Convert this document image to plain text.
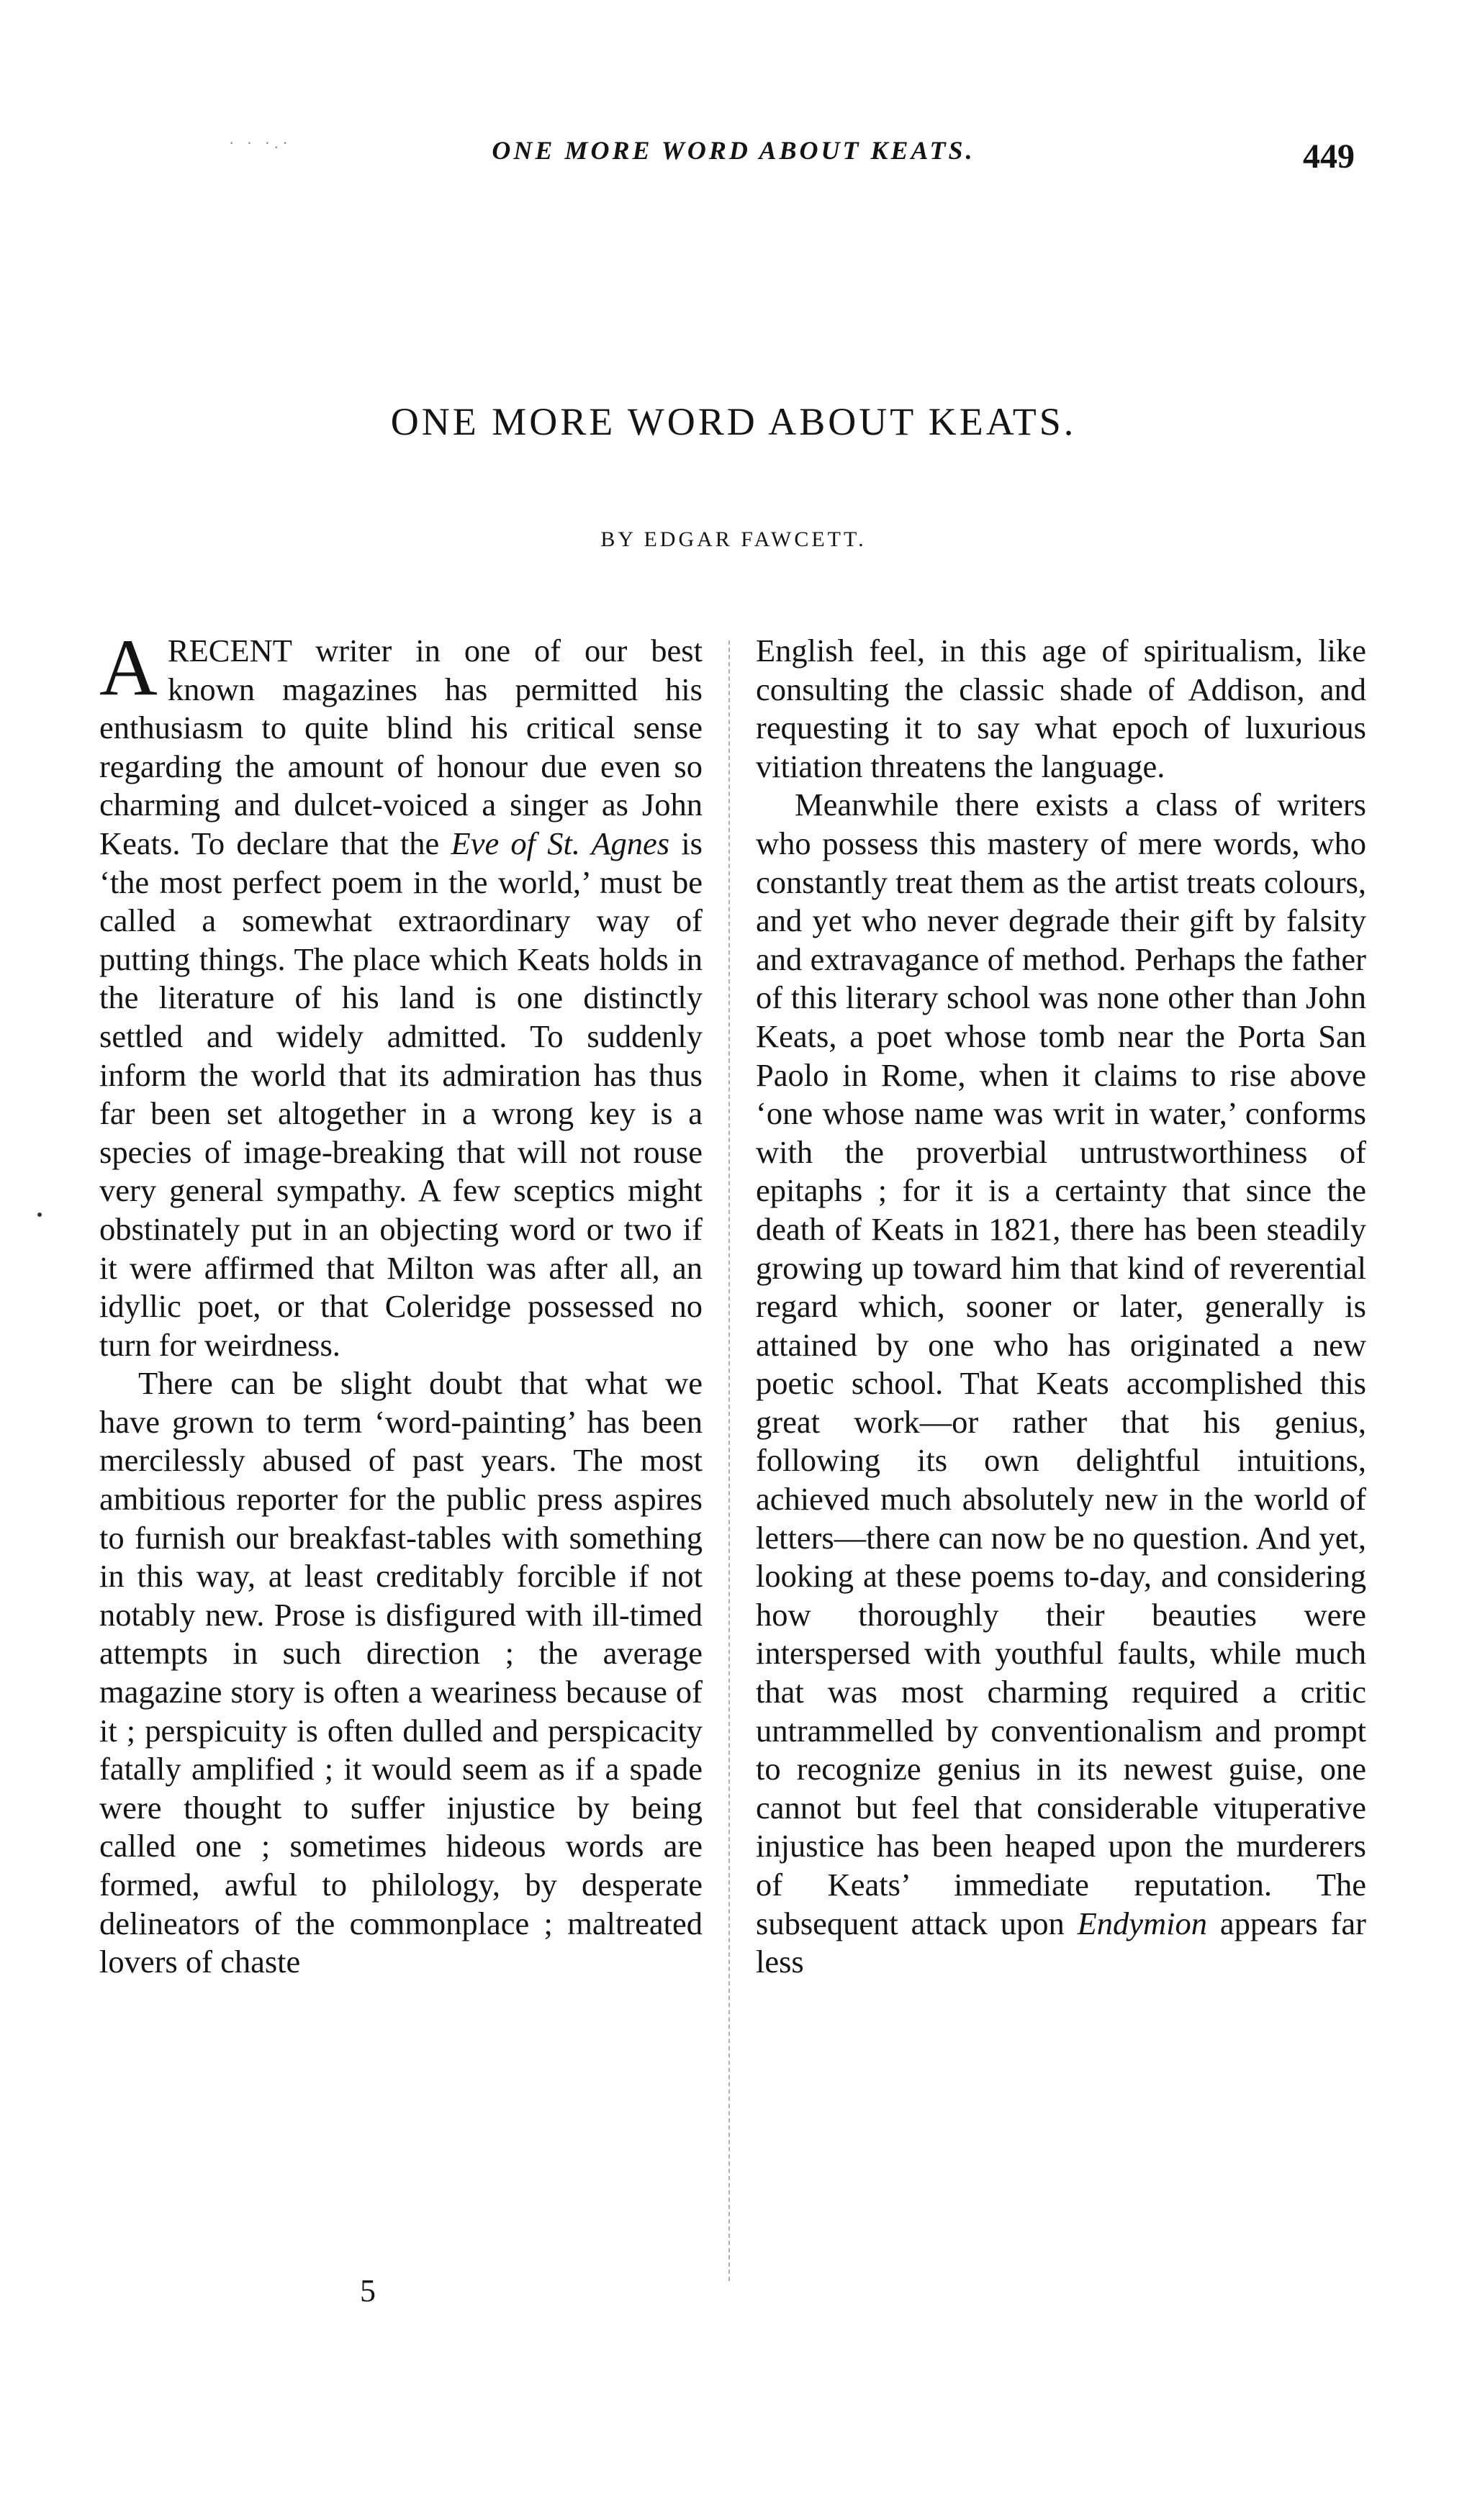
· · ·.·	ONE MORE WORD ABOUT KEATS.	449
ONE MORE WORD ABOUT KEATS.
BY EDGAR FAWCETT.

ARECENT writer in one of our best known magazines has permitted his enthusiasm to quite blind his critical sense regarding the amount of honour due even so charming and dulcet-voiced a singer as John Keats. To declare that the Eve of St. Agnes is ‘the most perfect poem in the world,’ must be called a somewhat extraordinary way of putting things. The place which Keats holds in the literature of his land is one distinctly settled and widely admitted. To suddenly inform the world that its admiration has thus far been set altogether in a wrong key is a species of image-breaking that will not rouse very general sympathy. A few sceptics might obstinately put in an objecting word or two if it were affirmed that Milton was after all, an idyllic poet, or that Coleridge possessed no turn for weirdness.

There can be slight doubt that what we have grown to term ‘word-painting’ has been mercilessly abused of past years. The most ambitious reporter for the public press aspires to furnish our breakfast-tables with something in this way, at least creditably forcible if not notably new. Prose is disfigured with ill-timed attempts in such direction ; the average magazine story is often a weariness because of it ; perspicuity is often dulled and perspicacity fatally amplified ; it would seem as if a spade were thought to suffer injustice by being called one ; sometimes hideous words are formed, awful to philology, by desperate delineators of the commonplace ; maltreated lovers of chaste

English feel, in this age of spiritualism, like consulting the classic shade of Addison, and requesting it to say what epoch of luxurious vitiation threatens the language.

Meanwhile there exists a class of writers who possess this mastery of mere words, who constantly treat them as the artist treats colours, and yet who never degrade their gift by falsity and extravagance of method. Perhaps the father of this literary school was none other than John Keats, a poet whose tomb near the Porta San Paolo in Rome, when it claims to rise above ‘one whose name was writ in water,’ conforms with the proverbial untrustworthiness of epitaphs ; for it is a certainty that since the death of Keats in 1821, there has been steadily growing up toward him that kind of reverential regard which, sooner or later, generally is attained by one who has originated a new poetic school. That Keats accomplished this great work—or rather that his genius, following its own delightful intuitions, achieved much absolutely new in the world of letters—there can now be no question. And yet, looking at these poems to-day, and considering how thoroughly their beauties were interspersed with youthful faults, while much that was most charming required a critic untrammelled by conventionalism and prompt to recognize genius in its newest guise, one cannot but feel that considerable vituperative injustice has been heaped upon the murderers of Keats’ immediate reputation. The subsequent attack upon Endymion appears far less

5
